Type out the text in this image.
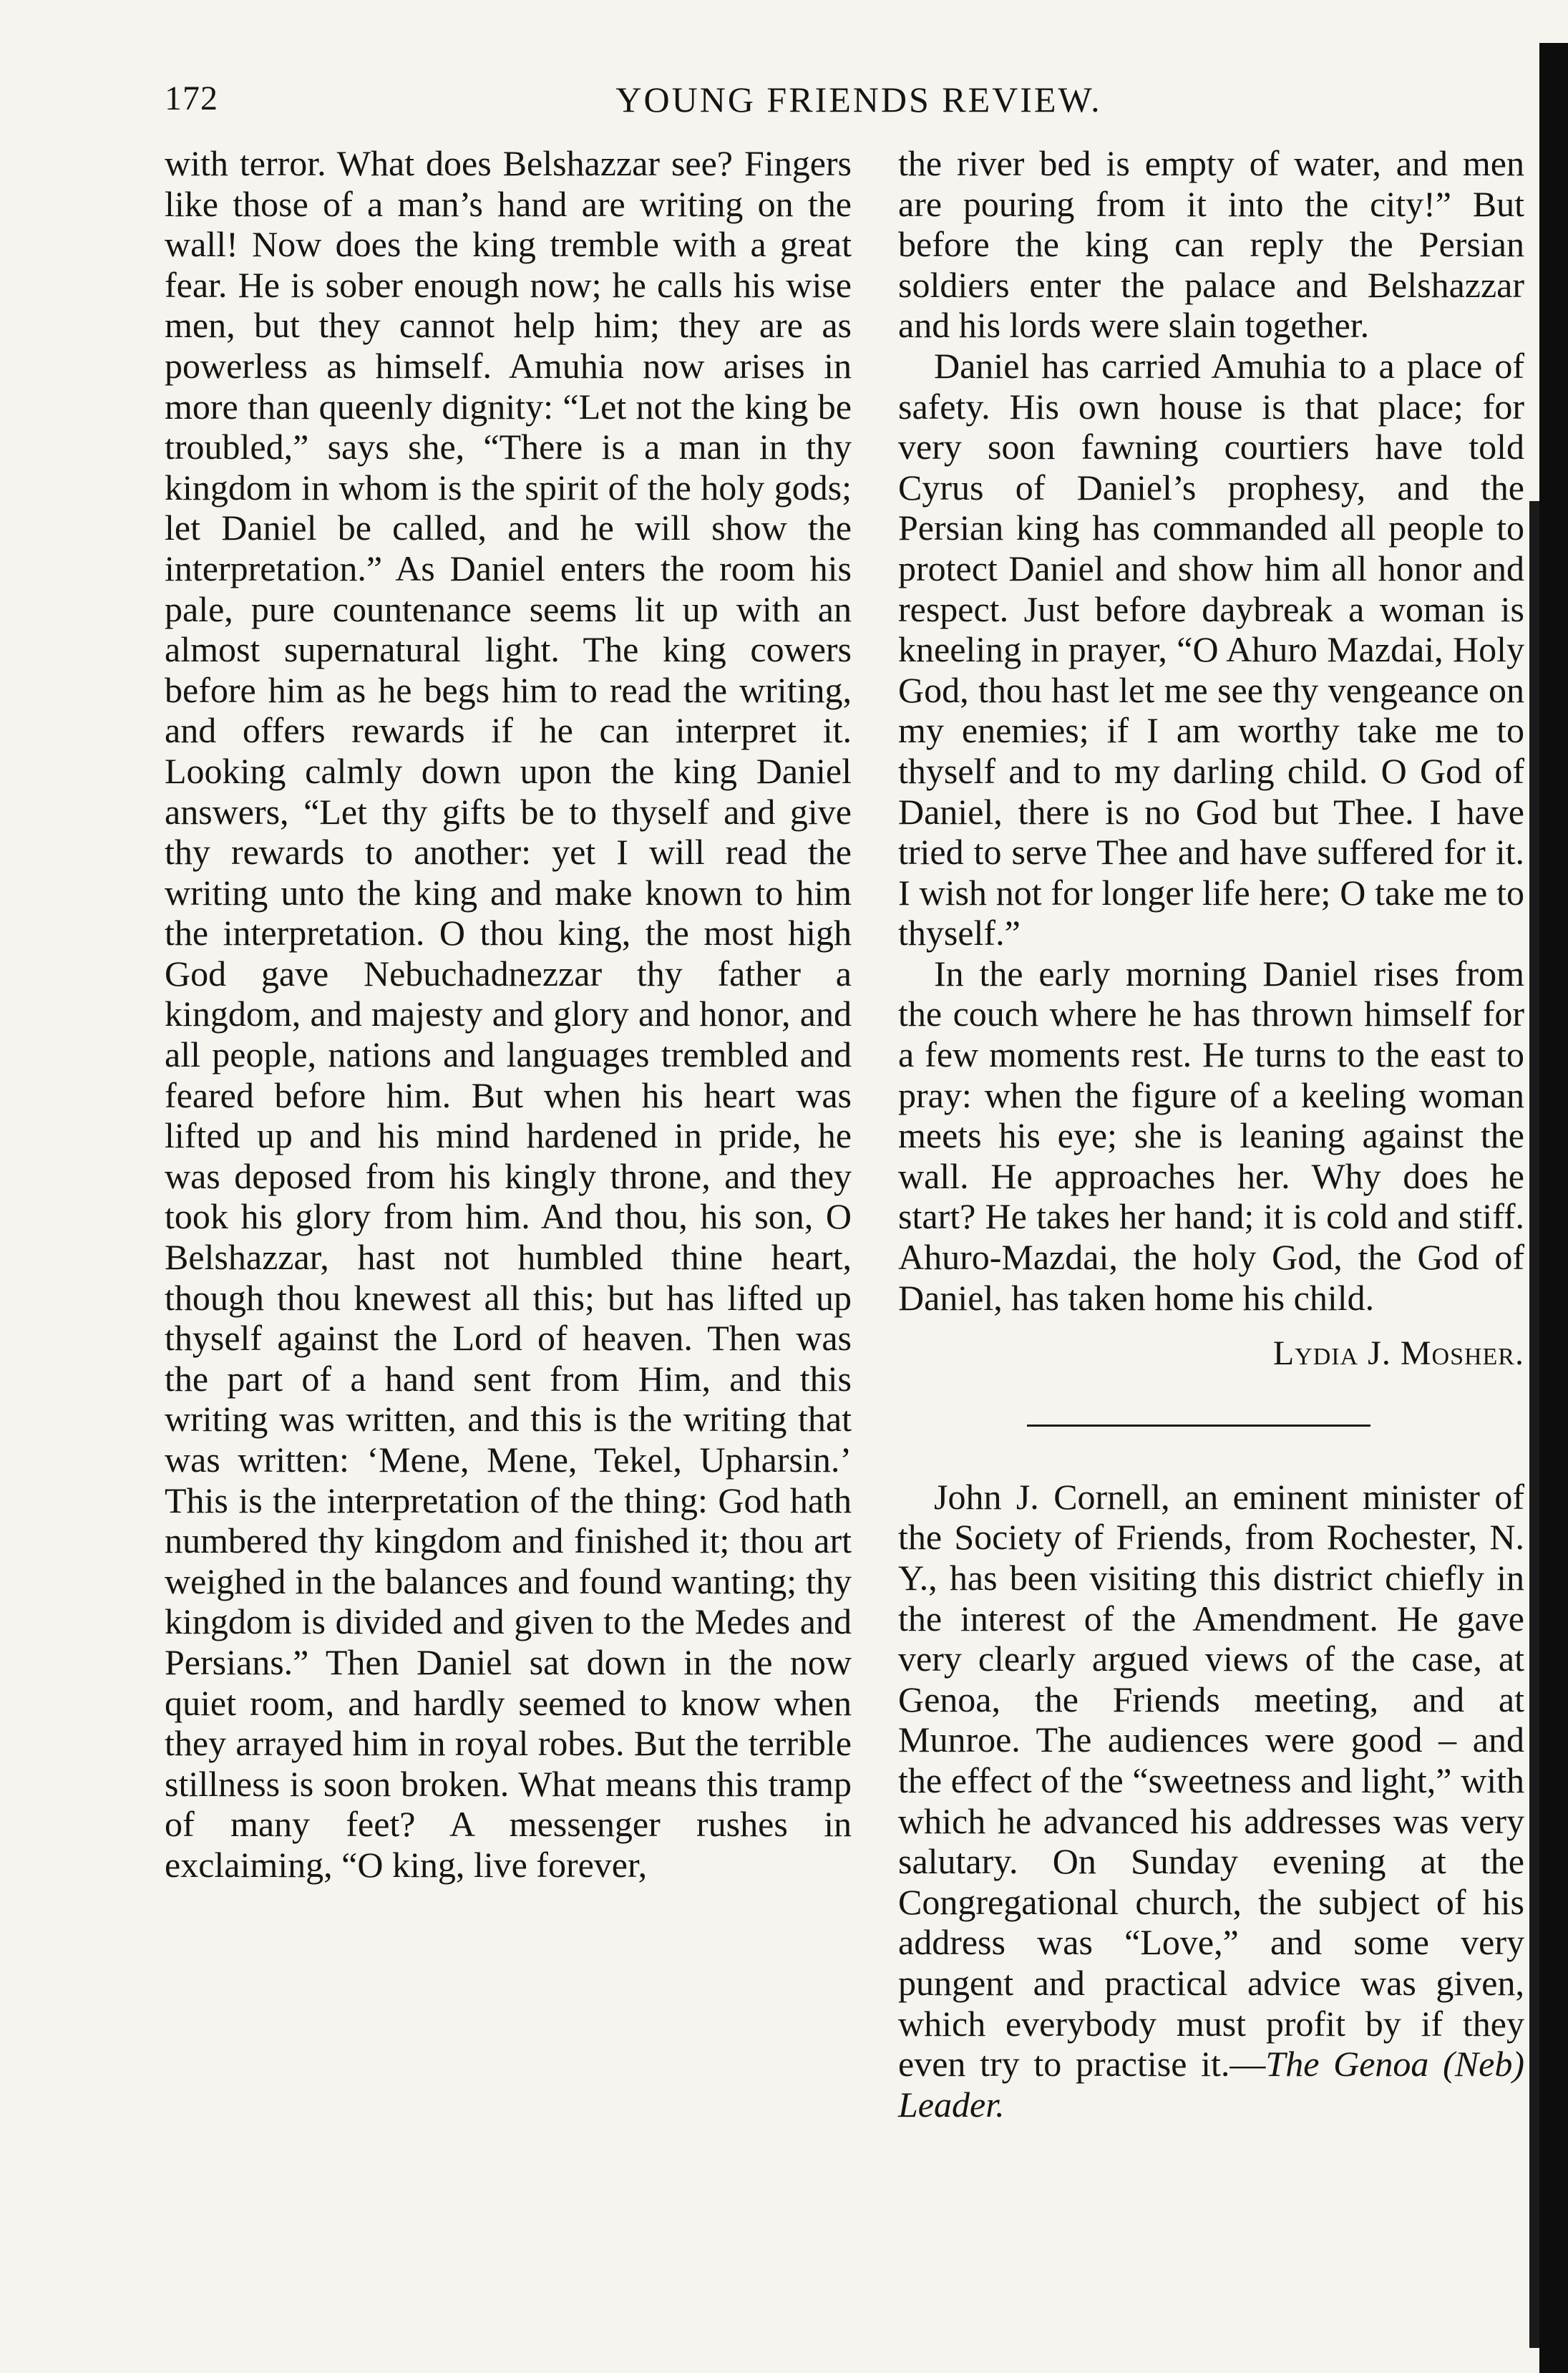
172	YOUNG FRIENDS REVIEW.

with terror. What does Belshazzar see? Fingers like those of a man’s hand are writing on the wall! Now does the king tremble with a great fear. He is sober enough now; he calls his wise men, but they cannot help him; they are as powerless as himself. Amuhia now arises in more than queenly dignity: “Let not the king be troubled,” says she, “There is a man in thy kingdom in whom is the spirit of the holy gods; let Daniel be called, and he will show the interpretation.” As Daniel enters the room his pale, pure countenance seems lit up with an almost supernatural light. The king cowers before him as he begs him to read the writing, and offers rewards if he can interpret it. Looking calmly down upon the king Daniel answers, “Let thy gifts be to thyself and give thy rewards to another: yet I will read the writing unto the king and make known to him the interpretation. O thou king, the most high God gave Nebuchadnezzar thy father a kingdom, and majesty and glory and honor, and all people, nations and languages trembled and feared before him. But when his heart was lifted up and his mind hardened in pride, he was deposed from his kingly throne, and they took his glory from him. And thou, his son, O Belshazzar, hast not humbled thine heart, though thou knewest all this; but has lifted up thyself against the Lord of heaven. Then was the part of a hand sent from Him, and this writing was written, and this is the writing that was written: ‘Mene, Mene, Tekel, Upharsin.’ This is the interpretation of the thing: God hath numbered thy kingdom and finished it; thou art weighed in the balances and found wanting; thy kingdom is divided and given to the Medes and Persians.” Then Daniel sat down in the now quiet room, and hardly seemed to know when they arrayed him in royal robes. But the terrible stillness is soon broken. What means this tramp of many feet? A messenger rushes in exclaiming, “O king, live forever,

the river bed is empty of water, and men are pouring from it into the city!” But before the king can reply the Persian soldiers enter the palace and Belshazzar and his lords were slain together.

Daniel has carried Amuhia to a place of safety. His own house is that place; for very soon fawning courtiers have told Cyrus of Daniel’s prophesy, and the Persian king has commanded all people to protect Daniel and show him all honor and respect. Just before daybreak a woman is kneeling in prayer, “O Ahuro Mazdai, Holy God, thou hast let me see thy vengeance on my enemies; if I am worthy take me to thyself and to my darling child. O God of Daniel, there is no God but Thee. I have tried to serve Thee and have suffered for it. I wish not for longer life here; O take me to thyself.”

In the early morning Daniel rises from the couch where he has thrown himself for a few moments rest. He turns to the east to pray: when the figure of a keeling woman meets his eye; she is leaning against the wall. He approaches her. Why does he start? He takes her hand; it is cold and stiff. Ahuro-Mazdai, the holy God, the God of Daniel, has taken home his child.

Lydia J. Mosher.

John J. Cornell, an eminent minister of the Society of Friends, from Rochester, N. Y., has been visiting this district chiefly in the interest of the Amendment. He gave very clearly argued views of the case, at Genoa, the Friends meeting, and at Munroe. The audiences were good – and the effect of the “sweetness and light,” with which he advanced his addresses was very salutary. On Sunday evening at the Congregational church, the subject of his address was “Love,” and some very pungent and practical advice was given, which everybody must profit by if they even try to practise it.—The Genoa (Neb) Leader.
